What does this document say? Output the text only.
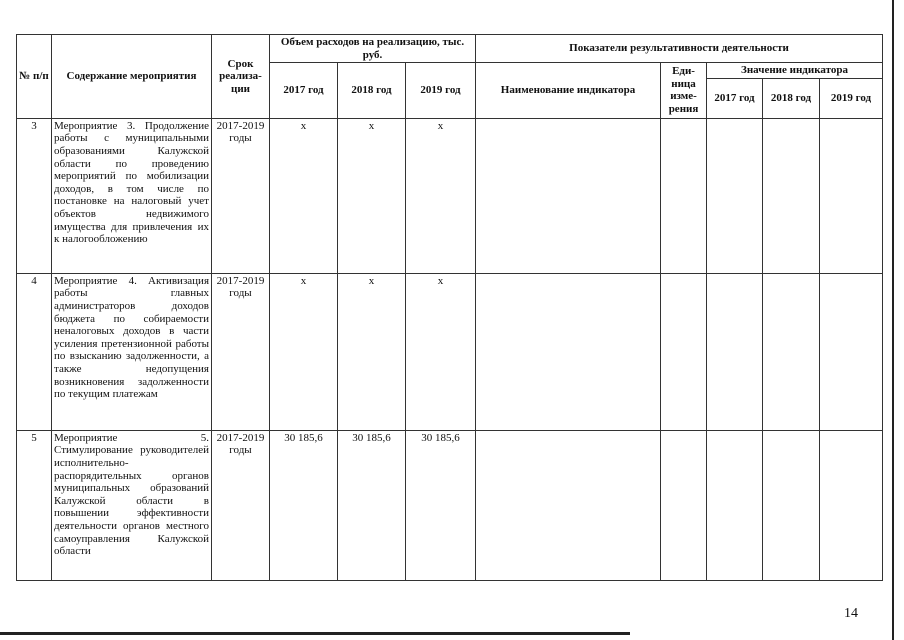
№ п/п	Содержание мероприятия	Срок реализа-ции	Объем расходов на реализацию, тыс. руб.			Показатели результативности деятельности				
			2017 год	2018 год	2019 год	Наименование индикатора	Еди-ница изме-рения	Значение индикатора		
								2017 год	2018 год	2019 год
3	Мероприятие 3. Продолжение работы с муниципальными образованиями Калужской области по проведению мероприятий по мобилизации доходов, в том числе по постановке на налоговый учет объектов недвижимого имущества для привлечения их к налогообложению	2017-2019 годы	х	х	х					
4	Мероприятие 4. Активизация работы главных администраторов доходов бюджета по собираемости неналоговых доходов в части усиления претензионной работы по взысканию задолженности, а также недопущения возникновения задолженности по текущим платежам	2017-2019 годы	х	х	х					
5	Мероприятие 5. Стимулирование руководителей исполнительно-распорядительных органов муниципальных образований Калужской области в повышении эффективности деятельности органов местного самоуправления Калужской области	2017-2019 годы	30 185,6	30 185,6	30 185,6					
14
